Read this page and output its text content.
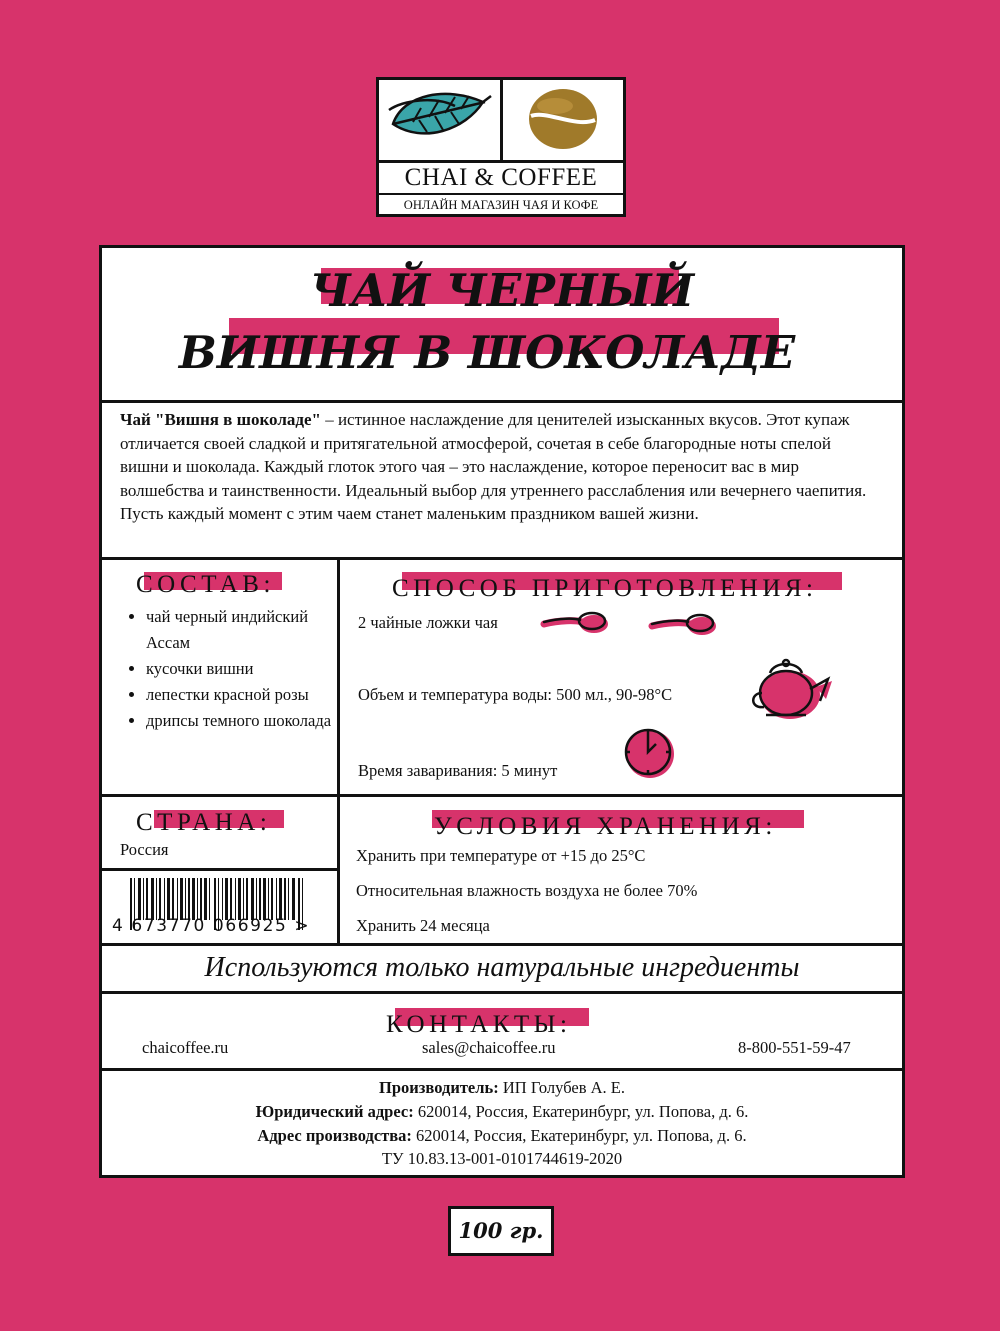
CHAI & COFFEE
ОНЛАЙН МАГАЗИН ЧАЯ И КОФЕ
ЧАЙ ЧЕРНЫЙ
ВИШНЯ В ШОКОЛАДЕ
Чай "Вишня в шоколаде" – истинное наслаждение для ценителей изысканных вкусов. Этот купаж отличается своей сладкой и притягательной атмосферой, сочетая в себе благородные ноты спелой вишни и шоколада. Каждый глоток этого чая – это наслаждение, которое переносит вас в мир волшебства и таинственности. Идеальный выбор для утреннего расслабления или вечернего чаепития. Пусть каждый момент с этим чаем станет маленьким праздником вашей жизни.
СОСТАВ:
• чай черный индийский Ассам
• кусочки вишни
• лепестки красной розы
• дрипсы темного шоколада
СПОСОБ ПРИГОТОВЛЕНИЯ:
2 чайные ложки чая
Объем и температура воды: 500 мл., 90-98°С
Время заваривания: 5 минут
СТРАНА:
Россия
4 673770 066925 >
УСЛОВИЯ ХРАНЕНИЯ:
Хранить при температуре от +15 до 25°С
Относительная влажность воздуха не более 70%
Хранить 24 месяца
Используются только натуральные ингредиенты
КОНТАКТЫ:
chaicoffee.ru	sales@chaicoffee.ru	8-800-551-59-47
Производитель: ИП Голубев А. Е.
Юридический адрес: 620014, Россия, Екатеринбург, ул. Попова, д. 6.
Адрес производства: 620014, Россия, Екатеринбург, ул. Попова, д. 6.
ТУ 10.83.13-001-0101744619-2020
100 гр.
